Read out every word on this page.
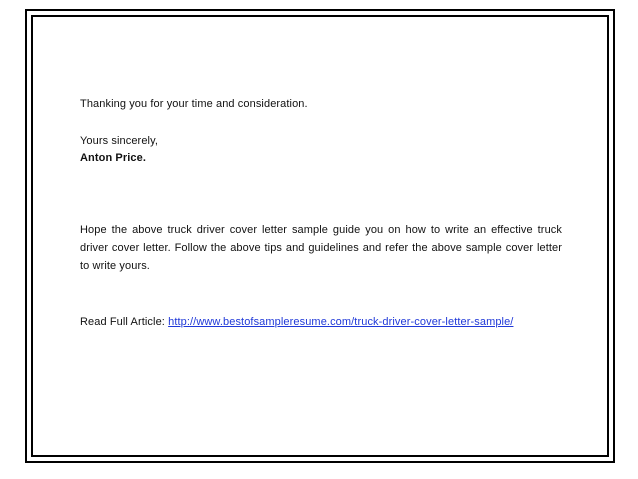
Thanking you for your time and consideration.
Yours sincerely,
Anton Price.
Hope the above truck driver cover letter sample guide you on how to write an effective truck driver cover letter. Follow the above tips and guidelines and refer the above sample cover letter to write yours.
Read Full Article: http://www.bestofsampleresume.com/truck-driver-cover-letter-sample/
